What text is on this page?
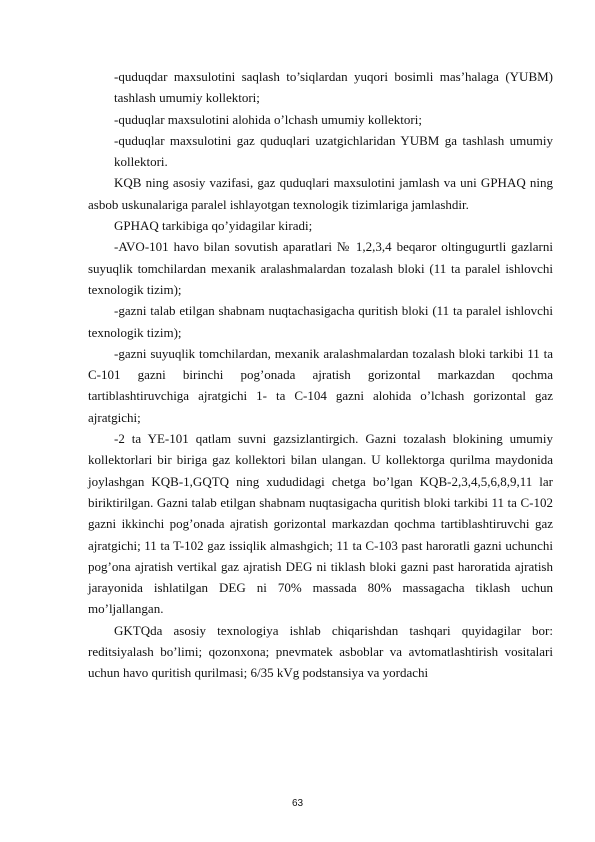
-quduqdar maxsulotini saqlash to’siqlardan yuqori bosimli mas’halaga (YUBM) tashlash umumiy kollektori;

-quduqlar maxsulotini alohida o’lchash umumiy kollektori;

-quduqlar maxsulotini gaz quduqlari uzatgichlaridan YUBM ga tashlash umumiy kollektori.

KQB ning asosiy vazifasi, gaz quduqlari maxsulotini jamlash va uni GPHAQ ning asbob uskunalariga paralel ishlayotgan texnologik tizimlariga jamlashdir.

GPHAQ tarkibiga qo’yidagilar kiradi;

-AVO-101 havo bilan sovutish aparatlari № 1,2,3,4 beqaror oltingugurtli gazlarni suyuqlik tomchilardan mexanik aralashmalardan tozalash bloki (11 ta paralel ishlovchi texnologik tizim);

-gazni talab etilgan shabnam nuqtachasigacha quritish bloki (11 ta paralel ishlovchi texnologik tizim);

-gazni suyuqlik tomchilardan, mexanik aralashmalardan tozalash bloki tarkibi 11 ta C-101 gazni birinchi pog’onada ajratish gorizontal markazdan qochma tartiblashtiruvchiga ajratgichi 1- ta C-104 gazni alohida o’lchash gorizontal gaz ajratgichi;

-2 ta YE-101 qatlam suvni gazsizlantirgich. Gazni tozalash blokining umumiy kollektorlari bir biriga gaz kollektori bilan ulangan. U kollektorga qurilma maydonida joylashgan KQB-1,GQTQ ning xududidagi chetga bo’lgan KQB-2,3,4,5,6,8,9,11 lar biriktirilgan. Gazni talab etilgan shabnam nuqtasigacha quritish bloki tarkibi 11 ta C-102 gazni ikkinchi pog’onada ajratish gorizontal markazdan qochma tartiblashtiruvchi gaz ajratgichi; 11 ta T-102 gaz issiqlik almashgich; 11 ta C-103 past haroratli gazni uchunchi pog’ona ajratish vertikal gaz ajratish DEG ni tiklash bloki gazni past haroratida ajratish jarayonida ishlatilgan DEG ni 70% massada 80% massagacha tiklash uchun mo’ljallangan.

GKTQda asosiy texnologiya ishlab chiqarishdan tashqari quyidagilar bor: reditsiyalash bo’limi; qozonxona; pnevmatek asboblar va avtomatlashtirish vositalari uchun havo quritish qurilmasi; 6/35 kVg podstansiya va yordachi

63
